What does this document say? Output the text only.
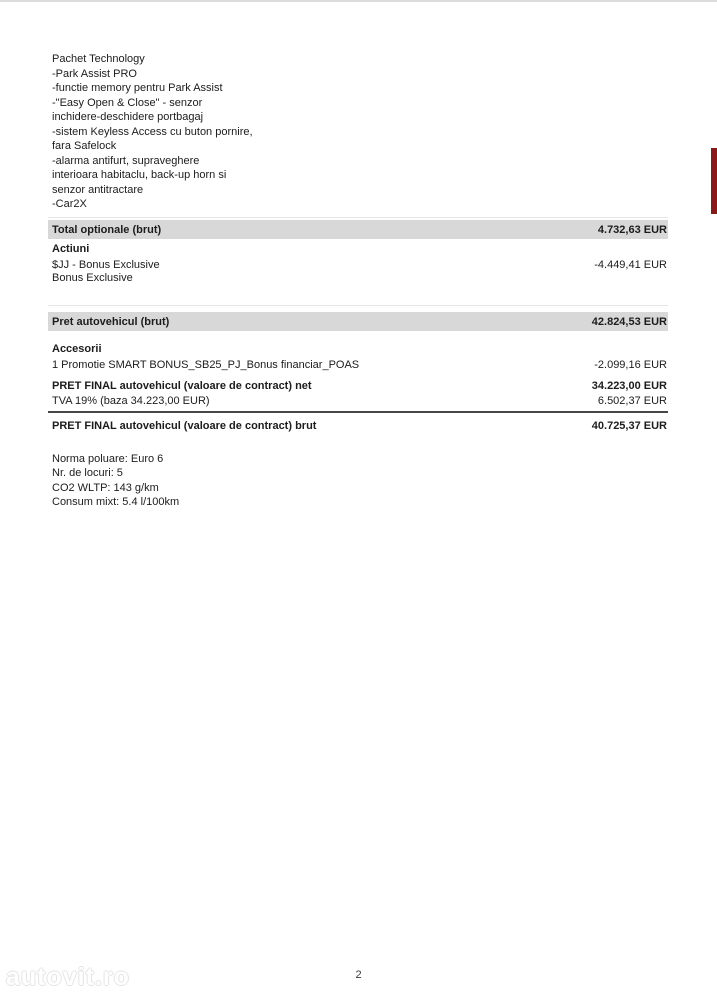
Pachet Technology
-Park Assist PRO
-functie memory pentru Park Assist
-"Easy Open & Close" - senzor
inchidere-deschidere portbagaj
-sistem Keyless Access cu buton pornire,
fara Safelock
-alarma antifurt, supraveghere
interioara habitaclu, back-up horn si
senzor antitractare
-Car2X
Total optionale (brut)	4.732,63 EUR
Actiuni
$JJ - Bonus Exclusive	-4.449,41 EUR
Bonus Exclusive
Pret autovehicul (brut)	42.824,53 EUR
Accesorii
1 Promotie SMART BONUS_SB25_PJ_Bonus financiar_POAS	-2.099,16 EUR
PRET FINAL autovehicul (valoare de contract) net	34.223,00 EUR
TVA 19% (baza 34.223,00 EUR)	6.502,37 EUR
PRET FINAL autovehicul (valoare de contract) brut	40.725,37 EUR
Norma poluare: Euro 6
Nr. de locuri: 5
CO2 WLTP: 143 g/km
Consum mixt: 5.4 l/100km
autovit.ro	2
